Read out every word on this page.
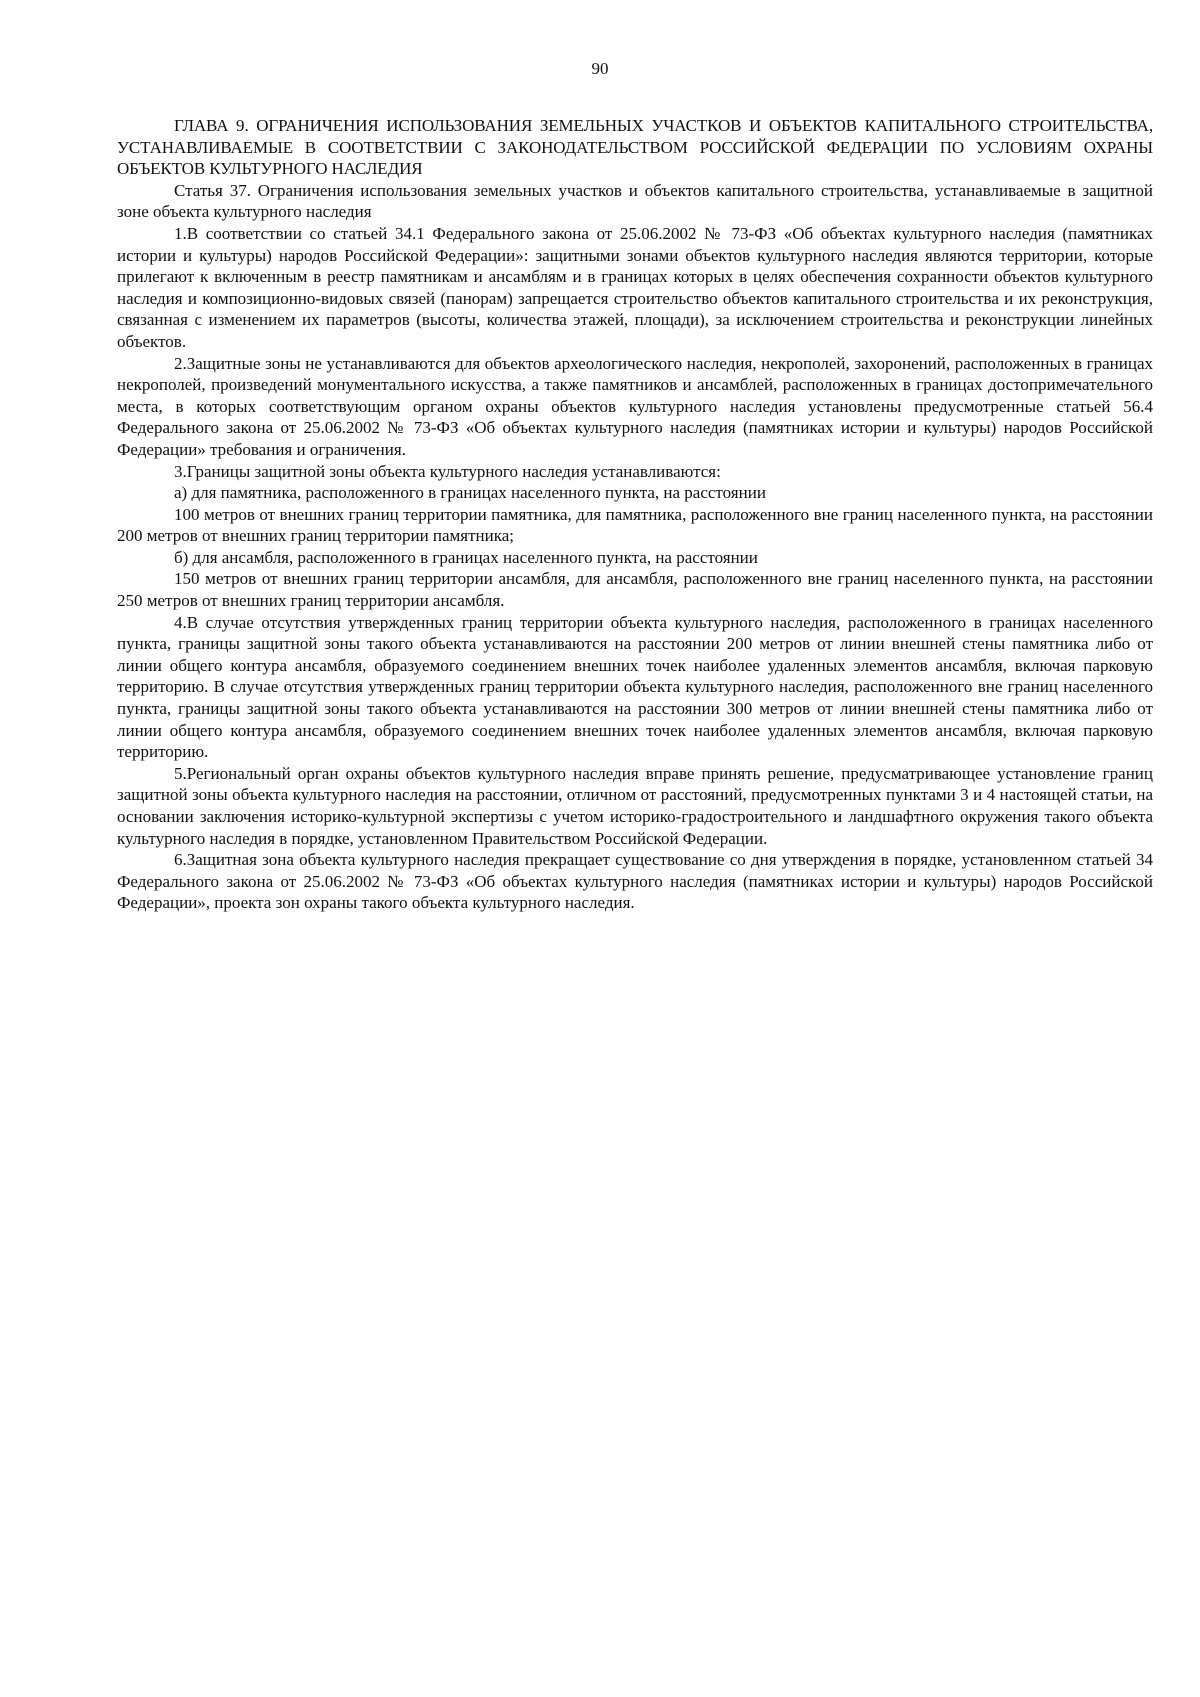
90

ГЛАВА 9. ОГРАНИЧЕНИЯ ИСПОЛЬЗОВАНИЯ ЗЕМЕЛЬНЫХ УЧАСТКОВ И ОБЪЕКТОВ КАПИТАЛЬНОГО СТРОИТЕЛЬСТВА, УСТАНАВЛИВАЕМЫЕ В СООТВЕТСТВИИ С ЗАКОНОДАТЕЛЬСТВОМ РОССИЙСКОЙ ФЕДЕРАЦИИ ПО УСЛОВИЯМ ОХРАНЫ ОБЪЕКТОВ КУЛЬТУРНОГО НАСЛЕДИЯ

Статья 37. Ограничения использования земельных участков и объектов капитального строительства, устанавливаемые в защитной зоне объекта культурного наследия

1.В соответствии со статьей 34.1 Федерального закона от 25.06.2002 № 73-ФЗ «Об объектах культурного наследия (памятниках истории и культуры) народов Российской Федерации»: защитными зонами объектов культурного наследия являются территории, которые прилегают к включенным в реестр памятникам и ансамблям и в границах которых в целях обеспечения сохранности объектов культурного наследия и композиционно-видовых связей (панорам) запрещается строительство объектов капитального строительства и их реконструкция, связанная с изменением их параметров (высоты, количества этажей, площади), за исключением строительства и реконструкции линейных объектов.

2.Защитные зоны не устанавливаются для объектов археологического наследия, некрополей, захоронений, расположенных в границах некрополей, произведений монументального искусства, а также памятников и ансамблей, расположенных в границах достопримечательного места, в которых соответствующим органом охраны объектов культурного наследия установлены предусмотренные статьей 56.4 Федерального закона от 25.06.2002 № 73-ФЗ «Об объектах культурного наследия (памятниках истории и культуры) народов Российской Федерации» требования и ограничения.

3.Границы защитной зоны объекта культурного наследия устанавливаются:

а) для памятника, расположенного в границах населенного пункта, на расстоянии

100 метров от внешних границ территории памятника, для памятника, расположенного вне границ населенного пункта, на расстоянии 200 метров от внешних границ территории памятника;

б) для ансамбля, расположенного в границах населенного пункта, на расстоянии

150 метров от внешних границ территории ансамбля, для ансамбля, расположенного вне границ населенного пункта, на расстоянии 250 метров от внешних границ территории ансамбля.

4.В случае отсутствия утвержденных границ территории объекта культурного наследия, расположенного в границах населенного пункта, границы защитной зоны такого объекта устанавливаются на расстоянии 200 метров от линии внешней стены памятника либо от линии общего контура ансамбля, образуемого соединением внешних точек наиболее удаленных элементов ансамбля, включая парковую территорию. В случае отсутствия утвержденных границ территории объекта культурного наследия, расположенного вне границ населенного пункта, границы защитной зоны такого объекта устанавливаются на расстоянии 300 метров от линии внешней стены памятника либо от линии общего контура ансамбля, образуемого соединением внешних точек наиболее удаленных элементов ансамбля, включая парковую территорию.

5.Региональный орган охраны объектов культурного наследия вправе принять решение, предусматривающее установление границ защитной зоны объекта культурного наследия на расстоянии, отличном от расстояний, предусмотренных пунктами 3 и 4 настоящей статьи, на основании заключения историко-культурной экспертизы с учетом историко-градостроительного и ландшафтного окружения такого объекта культурного наследия в порядке, установленном Правительством Российской Федерации.

6.Защитная зона объекта культурного наследия прекращает существование со дня утверждения в порядке, установленном статьей 34 Федерального закона от 25.06.2002 № 73-ФЗ «Об объектах культурного наследия (памятниках истории и культуры) народов Российской Федерации», проекта зон охраны такого объекта культурного наследия.
